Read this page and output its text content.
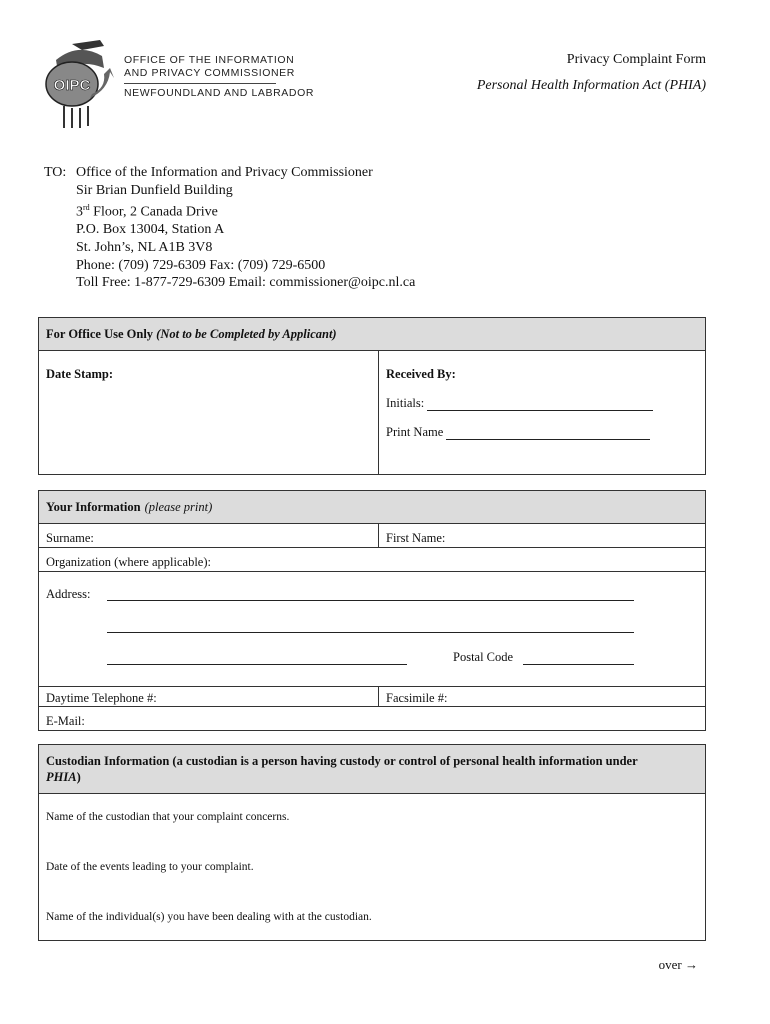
OIPC
OFFICE OF THE INFORMATION
AND PRIVACY COMMISSIONER
NEWFOUNDLAND AND LABRADOR
Privacy Complaint Form
Personal Health Information Act (PHIA)
TO: Office of the Information and Privacy Commissioner
Sir Brian Dunfield Building
3rd Floor, 2 Canada Drive
P.O. Box 13004, Station A
St. John’s, NL A1B 3V8
Phone: (709) 729-6309 Fax: (709) 729-6500
Toll Free: 1-877-729-6309 Email: commissioner@oipc.nl.ca
For Office Use Only
(Not to be Completed by Applicant)
Date Stamp:	Received By:
Initials:
Print Name
Your Information (please print)
Surname:	First Name:
Organization (where applicable):
Address:
Postal Code
Daytime Telephone #:	Facsimile #:
E-Mail:
Custodian Information (a custodian is a person having custody or control of personal health information under
PHIA)
Name of the custodian that your complaint concerns.
Date of the events leading to your complaint.
Name of the individual(s) you have been dealing with at the custodian.
over →
